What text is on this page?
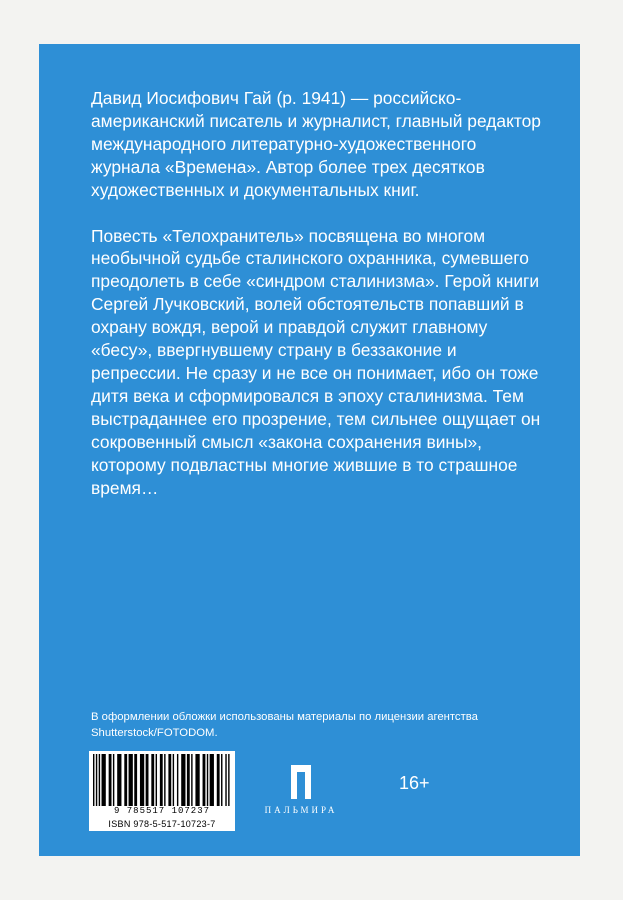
Давид Иосифович Гай (р. 1941) — российско-американский писатель и журналист, главный редактор международного литературно-художественного журнала «Времена». Автор более трех десятков художественных и документальных книг.

Повесть «Телохранитель» посвящена во многом необычной судьбе сталинского охранника, сумевшего преодолеть в себе «синдром сталинизма». Герой книги Сергей Лучковский, волей обстоятельств попавший в охрану вождя, верой и правдой служит главному «бесу», ввергнувшему страну в беззаконие и репрессии. Не сразу и не все он понимает, ибо он тоже дитя века и сформировался в эпоху сталинизма. Тем выстраданнее его прозрение, тем сильнее ощущает он сокровенный смысл «закона сохранения вины», которому подвластны многие жившие в то страшное время…

В оформлении обложки использованы материалы по лицензии агентства Shutterstock/FOTODOM.
9 785517 107237
ISBN 978-5-517-10723-7
ПАЛЬМИРА
16+
